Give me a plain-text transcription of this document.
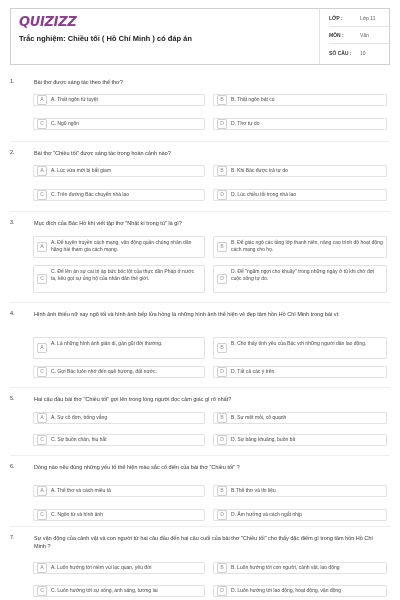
QUIZIZZ
Trắc nghiệm: Chiều tối ( Hồ Chí Minh ) có đáp án
LỚP :	Lớp 11
MÔN :	Văn
SỐ CÂU : 10
1.	Bài thơ được sáng tác theo thể thơ?
A	A. Thất ngôn tứ tuyệt	B	B. Thất ngôn bát cú
C	C. Ngũ ngôn	D	D. Thơ tự do
2.	Bài thơ "Chiều tối" được sáng tác trong hoàn cảnh nào?
A	A. Lúc vừa mới bị bắt giam	B	B. Khi Bác được trả tự do
C	C. Trên đường Bác chuyển nhà lao	D	D. Lúc chiều tối trong nhà lao
3.	Mục đích của Bác Hồ khi viết tập thơ "Nhật kí trong tù" là gì?
A
A. Để tuyên truyền cách mạng, vận động quần chúng nhân dân hăng hái tham gia cách mạng.	B
B. Để giác ngộ các tầng lớp thanh niên, nâng cao trình độ hoạt động cách mạng cho họ.
C
C. Để lên án sự cai trị áp bức bóc lột của thực dân Pháp ở nước ta, kêu gọi sự ủng hộ của nhân dân thế giới.	D
D. Để "ngâm ngợi cho khuây" trong những ngày ở tù khi chờ đợi cuộc sống tự do.
4.	Hình ảnh thiếu nữ xay ngô tối và hình ảnh bếp lửa hồng là những hình ảnh thể hiện vẻ đẹp tâm hồn Hồ Chí Minh trong bài vì:
A
A. Là những hình ảnh giản dị, gần gũi đời thường.
B
B. Cho thấy tình yêu của Bác với những người dân lao động.
C	C. Gợi Bác luôn nhớ đến quê hương, đất nước.	D	D. Tất cả các ý trên.
5.	Hai câu đầu bài thơ "Chiều tối" gợi lên trong lòng người đọc cảm giác gì rõ nhất?
A	A. Sự cô đơn, trống vắng	B	B. Sự mệt mỏi, cô quạnh
C	C. Sự buồn chán, hiu hắt	D	D. Sự bâng khuâng, buồn bã
6.	Dòng nào nêu đúng những yếu tố thể hiện màu sắc cổ điển của bài thơ "Chiều tối" ?
A	A. Thể thơ và cách miêu tả	B	B.Thể thơ và thi liệu
C	C. Ngôn từ và hình ảnh	D	D. Âm hưởng và cách ngắt nhịp
7.	Sự vận động của cảnh vật và con người từ hai câu đầu đến hai câu cuối của bài thơ "Chiều tối" cho thấy đặc điểm gì trong tâm hồn Hồ Chí Minh ?
A	A. Luôn hướng tới niềm vui lạc quan, yêu đời	B	B. Luôn hướng tới con người, cảnh vật, lao động
C	C. Luôn hướng tới sự sống, ánh sáng, tương lai	D	D. Luôn hướng tới lao động, hoạt động, vận động
